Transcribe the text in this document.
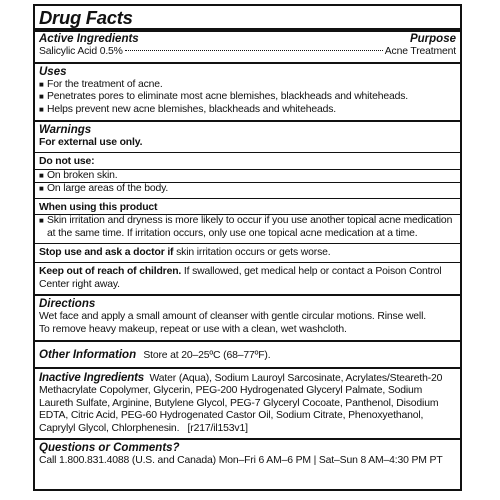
Drug Facts
Active Ingredients	Purpose
Salicylic Acid 0.5%	Acne Treatment
Uses
■ For the treatment of acne.
■ Penetrates pores to eliminate most acne blemishes, blackheads and whiteheads.
■ Helps prevent new acne blemishes, blackheads and whiteheads.
Warnings
For external use only.
Do not use:
■ On broken skin.
■ On large areas of the body.
When using this product
■ Skin irritation and dryness is more likely to occur if you use another topical acne medication at the same time. If irritation occurs, only use one topical acne medication at a time.
Stop use and ask a doctor if skin irritation occurs or gets worse.
Keep out of reach of children. If swallowed, get medical help or contact a Poison Control Center right away.
Directions
Wet face and apply a small amount of cleanser with gentle circular motions. Rinse well.
To remove heavy makeup, repeat or use with a clean, wet washcloth.
Other Information Store at 20–25ºC (68–77ºF).
Inactive Ingredients Water (Aqua), Sodium Lauroyl Sarcosinate, Acrylates/Steareth-20 Methacrylate Copolymer, Glycerin, PEG-200 Hydrogenated Glyceryl Palmate, Sodium Laureth Sulfate, Arginine, Butylene Glycol, PEG-7 Glyceryl Cocoate, Panthenol, Disodium EDTA, Citric Acid, PEG-60 Hydrogenated Castor Oil, Sodium Citrate, Phenoxyethanol, Caprylyl Glycol, Chlorphenesin. [r217/il153v1]
Questions or Comments?
Call 1.800.831.4088 (U.S. and Canada) Mon–Fri 6 AM–6 PM | Sat–Sun 8 AM–4:30 PM PT
